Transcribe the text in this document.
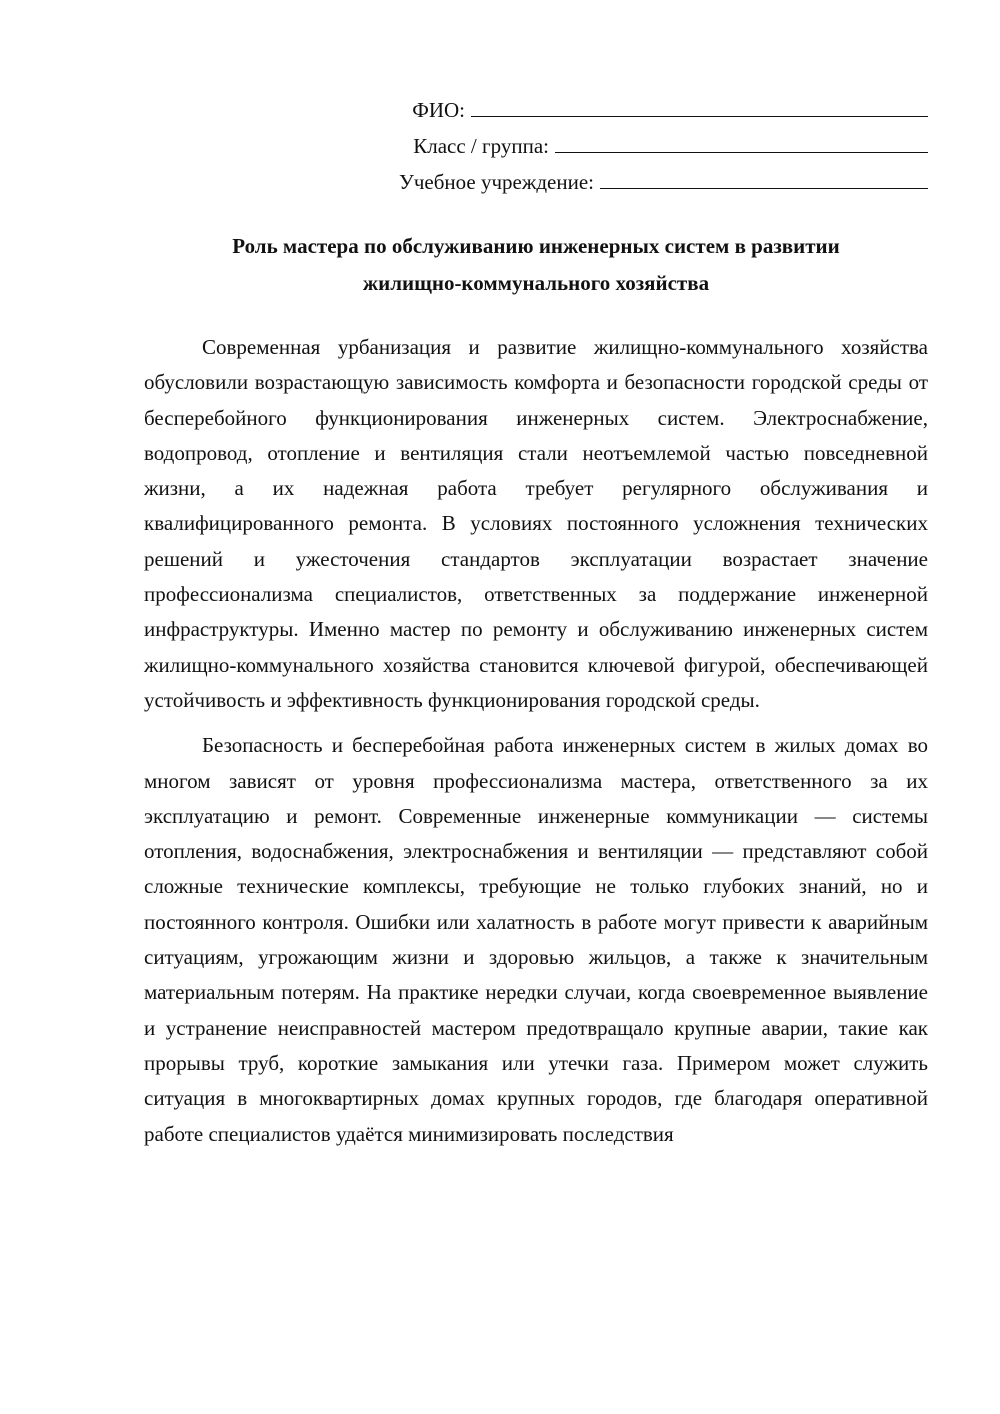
ФИО:
Класс / группа:
Учебное учреждение:
Роль мастера по обслуживанию инженерных систем в развитии
жилищно-коммунального хозяйства

Современная урбанизация и развитие жилищно-коммунального хозяйства обусловили возрастающую зависимость комфорта и безопасности городской среды от бесперебойного функционирования инженерных систем. Электроснабжение, водопровод, отопление и вентиляция стали неотъемлемой частью повседневной жизни, а их надежная работа требует регулярного обслуживания и квалифицированного ремонта. В условиях постоянного усложнения технических решений и ужесточения стандартов эксплуатации возрастает значение профессионализма специалистов, ответственных за поддержание инженерной инфраструктуры. Именно мастер по ремонту и обслуживанию инженерных систем жилищно-коммунального хозяйства становится ключевой фигурой, обеспечивающей устойчивость и эффективность функционирования городской среды.

Безопасность и бесперебойная работа инженерных систем в жилых домах во многом зависят от уровня профессионализма мастера, ответственного за их эксплуатацию и ремонт. Современные инженерные коммуникации — системы отопления, водоснабжения, электроснабжения и вентиляции — представляют собой сложные технические комплексы, требующие не только глубоких знаний, но и постоянного контроля. Ошибки или халатность в работе могут привести к аварийным ситуациям, угрожающим жизни и здоровью жильцов, а также к значительным материальным потерям. На практике нередки случаи, когда своевременное выявление и устранение неисправностей мастером предотвращало крупные аварии, такие как прорывы труб, короткие замыкания или утечки газа. Примером может служить ситуация в многоквартирных домах крупных городов, где благодаря оперативной работе специалистов удаётся минимизировать последствия
